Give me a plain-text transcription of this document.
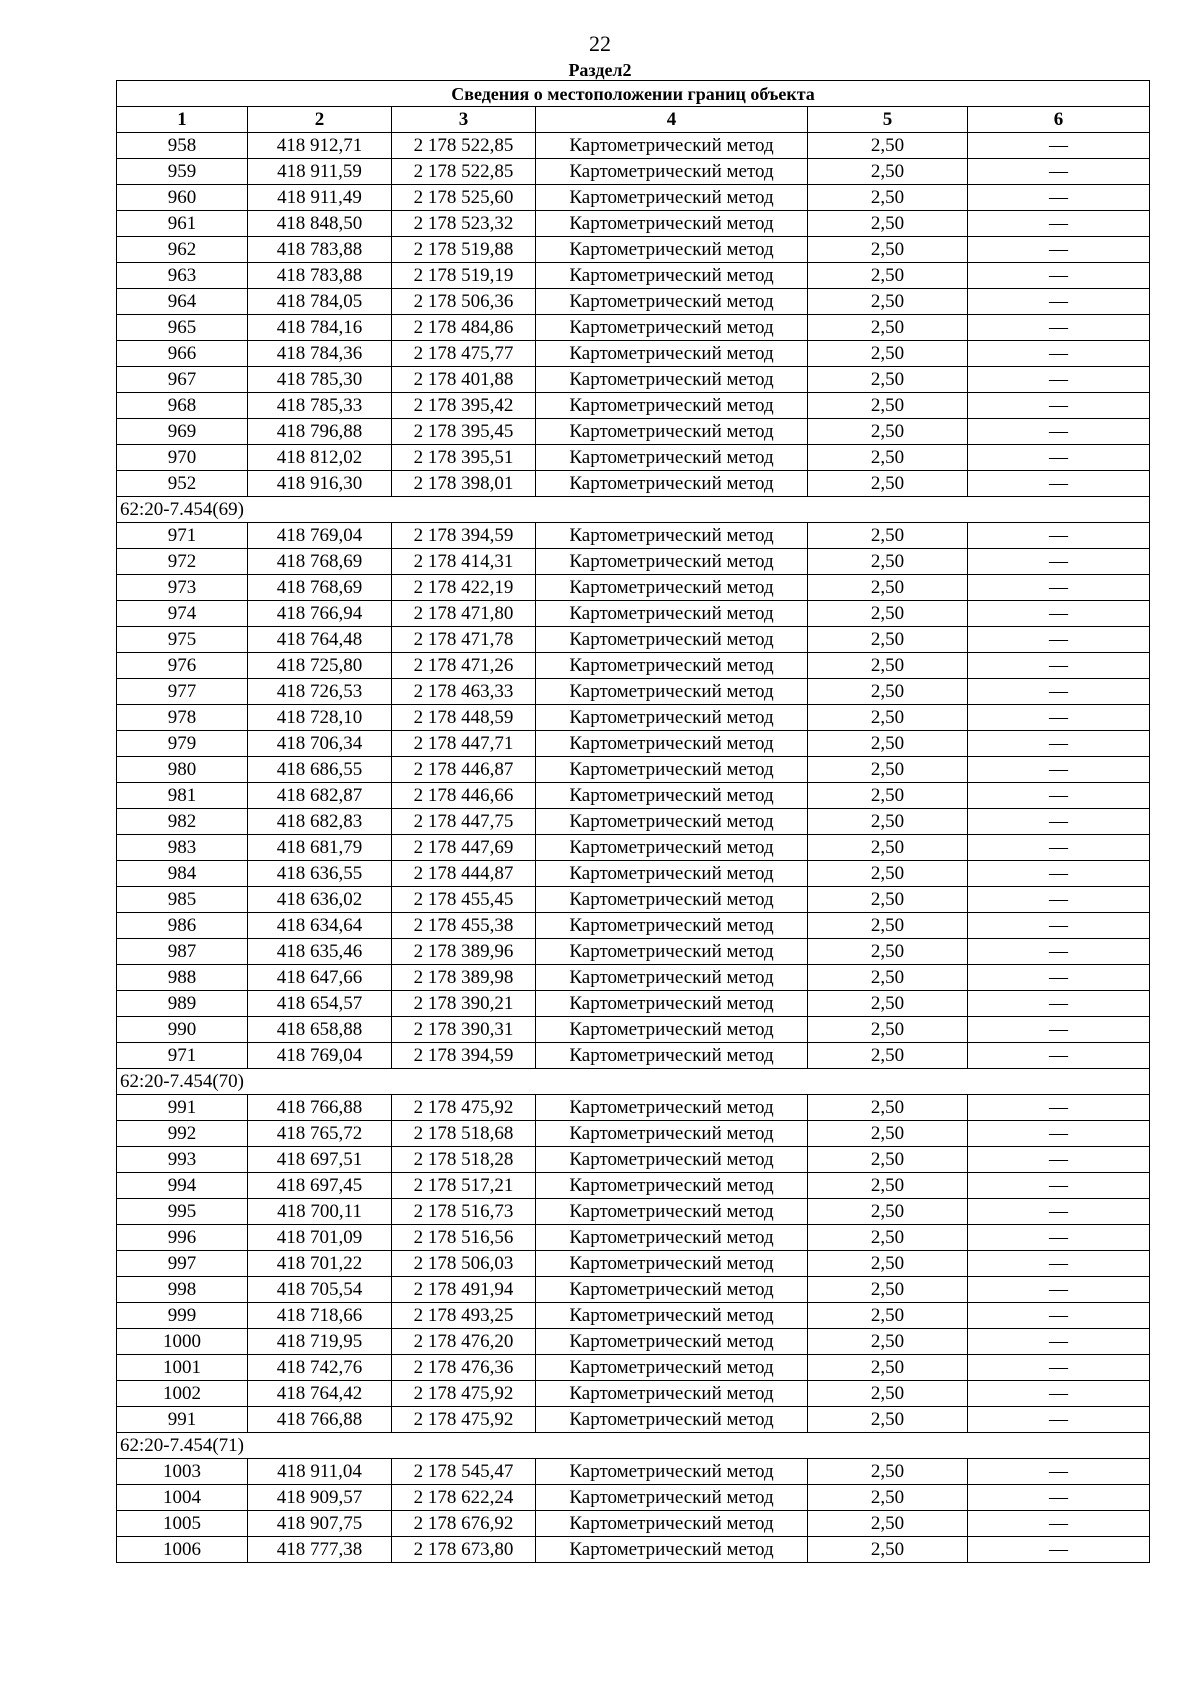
22
Раздел2
Сведения о местоположении границ объекта					
1	2	3	4	5	6
958	418 912,71	2 178 522,85	Картометрический метод	2,50	—
959	418 911,59	2 178 522,85	Картометрический метод	2,50	—
960	418 911,49	2 178 525,60	Картометрический метод	2,50	—
961	418 848,50	2 178 523,32	Картометрический метод	2,50	—
962	418 783,88	2 178 519,88	Картометрический метод	2,50	—
963	418 783,88	2 178 519,19	Картометрический метод	2,50	—
964	418 784,05	2 178 506,36	Картометрический метод	2,50	—
965	418 784,16	2 178 484,86	Картометрический метод	2,50	—
966	418 784,36	2 178 475,77	Картометрический метод	2,50	—
967	418 785,30	2 178 401,88	Картометрический метод	2,50	—
968	418 785,33	2 178 395,42	Картометрический метод	2,50	—
969	418 796,88	2 178 395,45	Картометрический метод	2,50	—
970	418 812,02	2 178 395,51	Картометрический метод	2,50	—
952	418 916,30	2 178 398,01	Картометрический метод	2,50	—
62:20-7.454(69)					
971	418 769,04	2 178 394,59	Картометрический метод	2,50	—
972	418 768,69	2 178 414,31	Картометрический метод	2,50	—
973	418 768,69	2 178 422,19	Картометрический метод	2,50	—
974	418 766,94	2 178 471,80	Картометрический метод	2,50	—
975	418 764,48	2 178 471,78	Картометрический метод	2,50	—
976	418 725,80	2 178 471,26	Картометрический метод	2,50	—
977	418 726,53	2 178 463,33	Картометрический метод	2,50	—
978	418 728,10	2 178 448,59	Картометрический метод	2,50	—
979	418 706,34	2 178 447,71	Картометрический метод	2,50	—
980	418 686,55	2 178 446,87	Картометрический метод	2,50	—
981	418 682,87	2 178 446,66	Картометрический метод	2,50	—
982	418 682,83	2 178 447,75	Картометрический метод	2,50	—
983	418 681,79	2 178 447,69	Картометрический метод	2,50	—
984	418 636,55	2 178 444,87	Картометрический метод	2,50	—
985	418 636,02	2 178 455,45	Картометрический метод	2,50	—
986	418 634,64	2 178 455,38	Картометрический метод	2,50	—
987	418 635,46	2 178 389,96	Картометрический метод	2,50	—
988	418 647,66	2 178 389,98	Картометрический метод	2,50	—
989	418 654,57	2 178 390,21	Картометрический метод	2,50	—
990	418 658,88	2 178 390,31	Картометрический метод	2,50	—
971	418 769,04	2 178 394,59	Картометрический метод	2,50	—
62:20-7.454(70)					
991	418 766,88	2 178 475,92	Картометрический метод	2,50	—
992	418 765,72	2 178 518,68	Картометрический метод	2,50	—
993	418 697,51	2 178 518,28	Картометрический метод	2,50	—
994	418 697,45	2 178 517,21	Картометрический метод	2,50	—
995	418 700,11	2 178 516,73	Картометрический метод	2,50	—
996	418 701,09	2 178 516,56	Картометрический метод	2,50	—
997	418 701,22	2 178 506,03	Картометрический метод	2,50	—
998	418 705,54	2 178 491,94	Картометрический метод	2,50	—
999	418 718,66	2 178 493,25	Картометрический метод	2,50	—
1000	418 719,95	2 178 476,20	Картометрический метод	2,50	—
1001	418 742,76	2 178 476,36	Картометрический метод	2,50	—
1002	418 764,42	2 178 475,92	Картометрический метод	2,50	—
991	418 766,88	2 178 475,92	Картометрический метод	2,50	—
62:20-7.454(71)					
1003	418 911,04	2 178 545,47	Картометрический метод	2,50	—
1004	418 909,57	2 178 622,24	Картометрический метод	2,50	—
1005	418 907,75	2 178 676,92	Картометрический метод	2,50	—
1006	418 777,38	2 178 673,80	Картометрический метод	2,50	—
